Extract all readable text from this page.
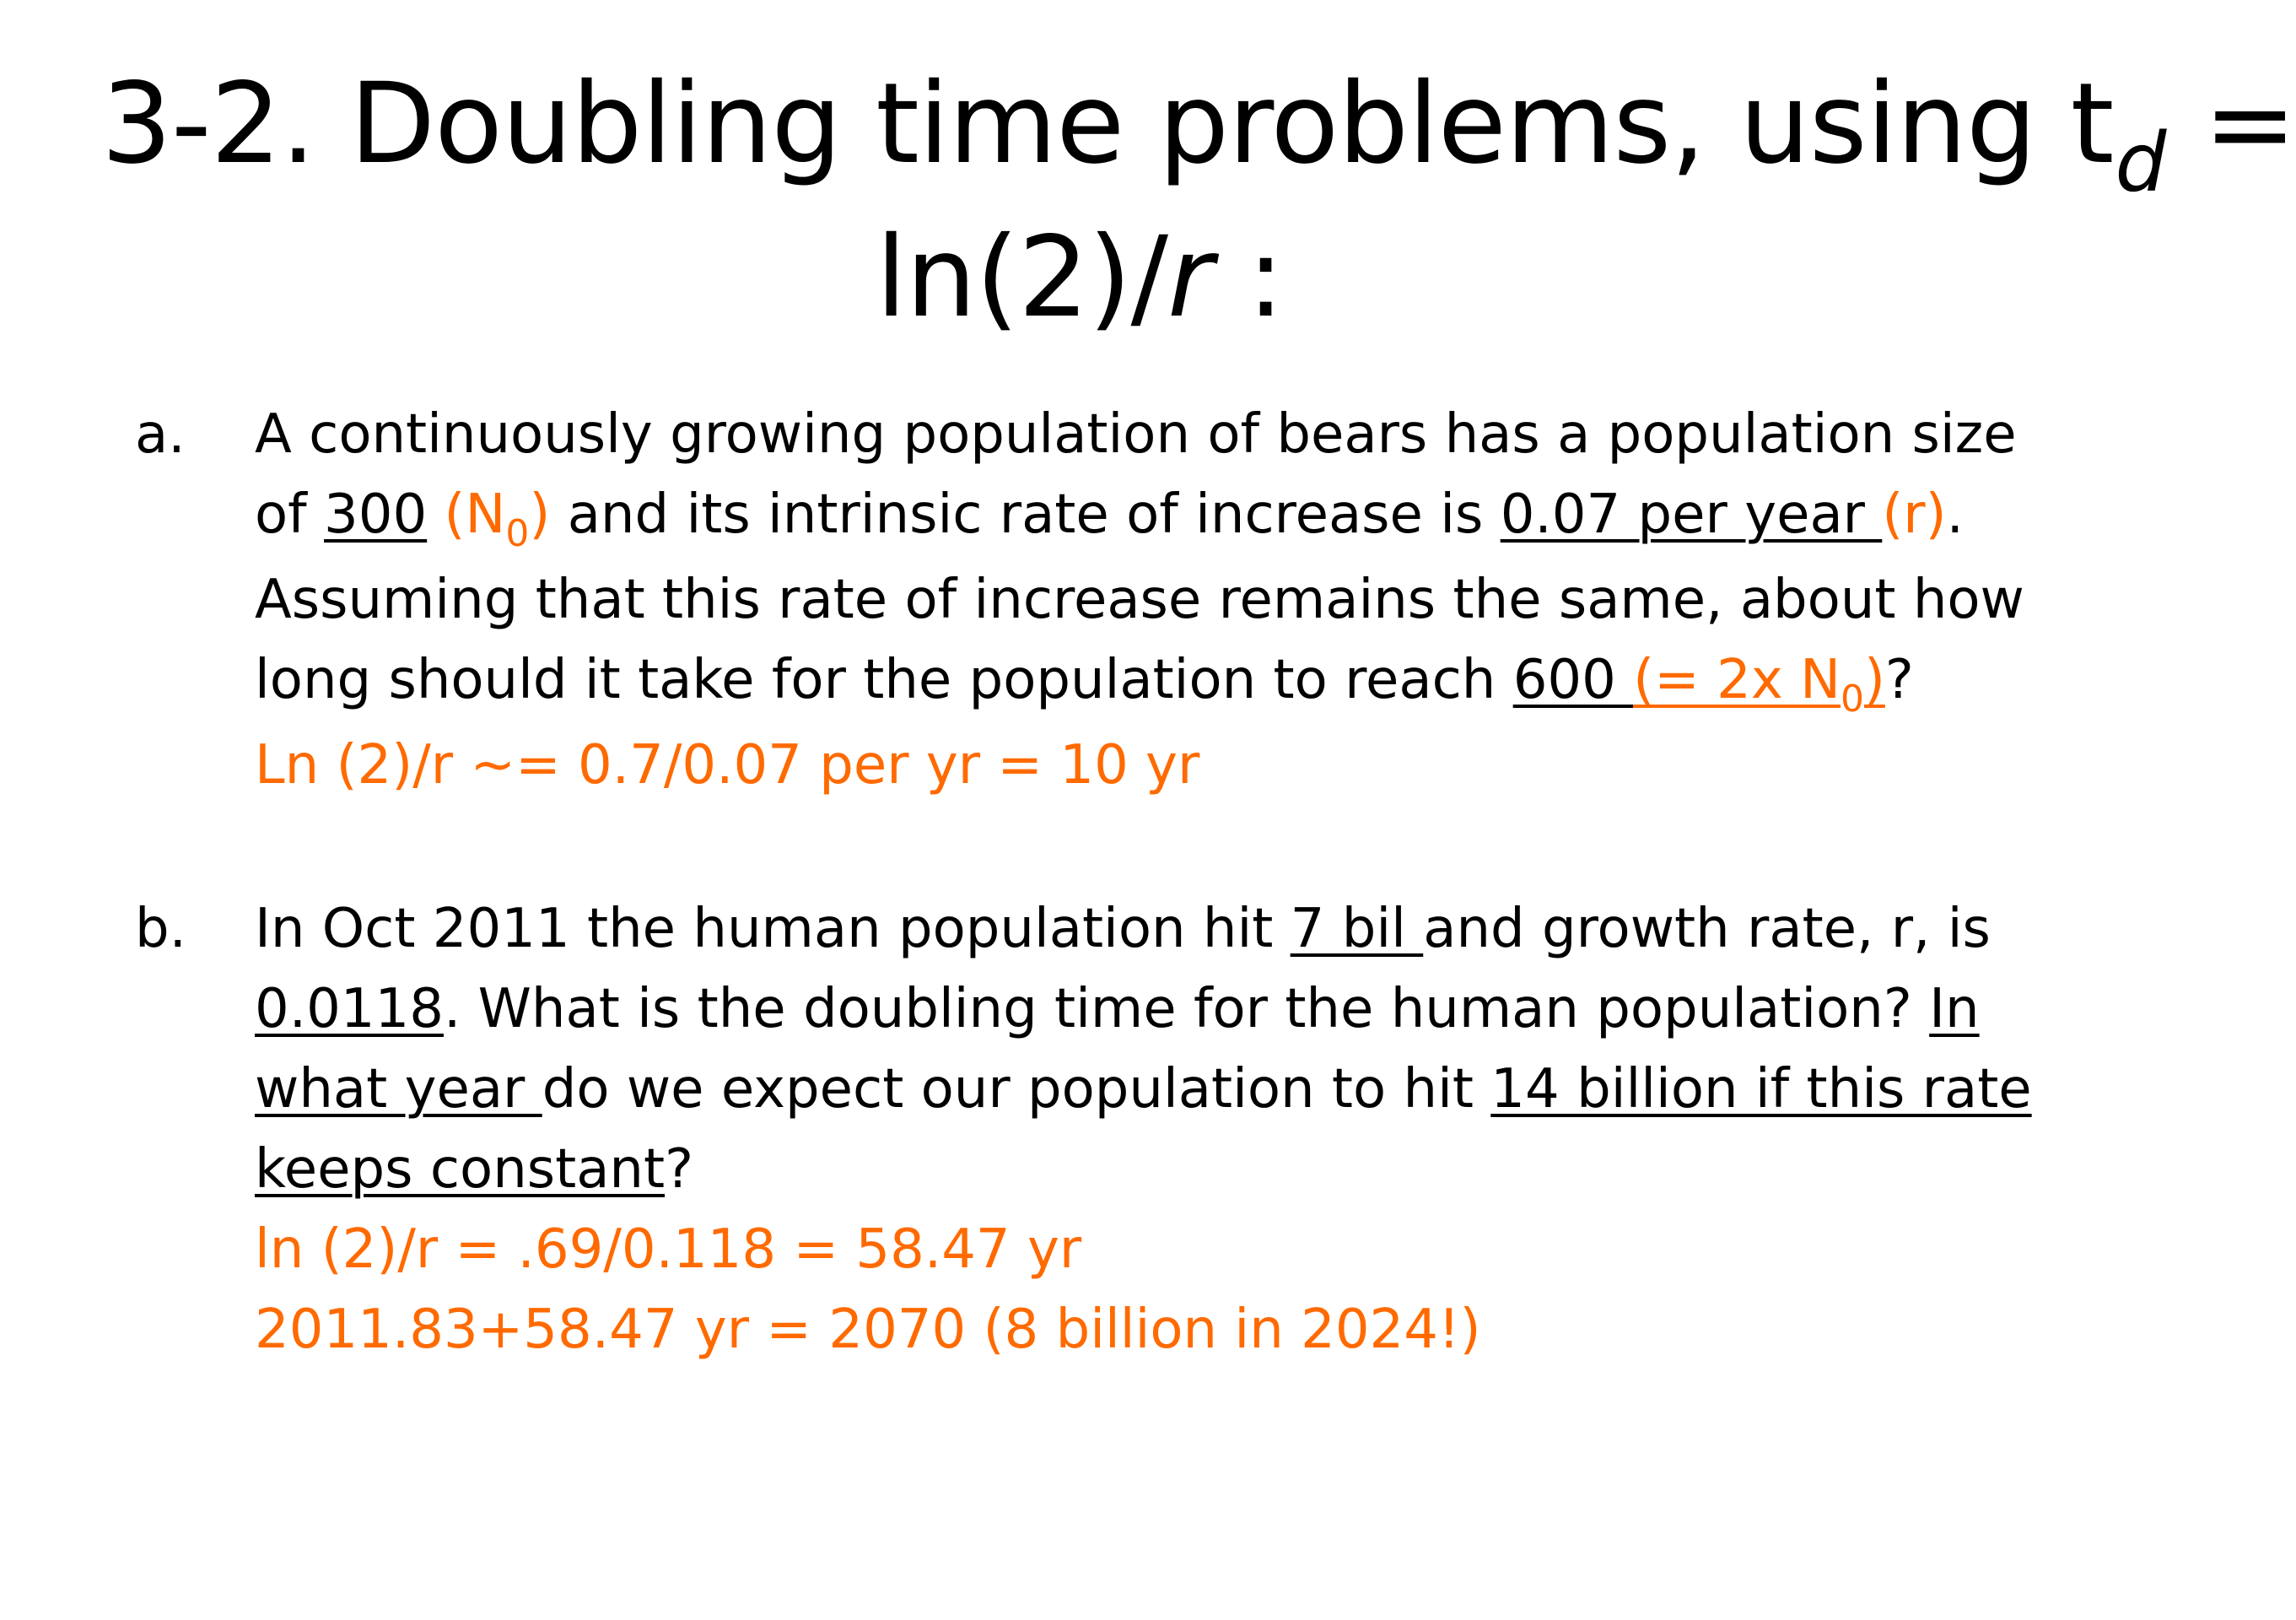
3-2. Doubling time problems, using $t_d$ =
ln(2)/r :
a. A continuously growing population of bears has a population size
of 300 $(N_0)$ and its intrinsic rate of increase is 0.07 per year (r).
Assuming that this rate of increase remains the same, about how
long should it take for the population to reach 600 (= 2x $N_0$)?
Ln (2)/r ~= 0.7/0.07 per yr = 10 yr
b. In Oct 2011 the human population hit 7 bil and growth rate, r, is
0.0118. What is the doubling time for the human population? In
what year do we expect our population to hit 14 billion if this rate
keeps constant?
ln (2)/r = .69/0.118 = 58.47 yr
2011.83+58.47 yr = 2070 (8 billion in 2024!)
